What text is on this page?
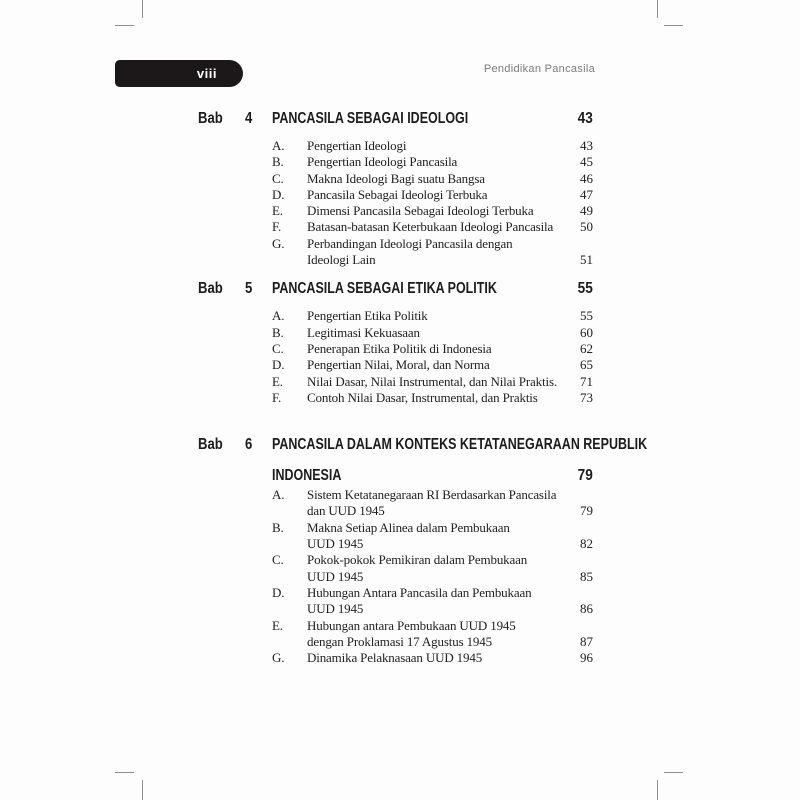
viii	Pendidikan Pancasila
Bab	4	PANCASILA SEBAGAI IDEOLOGI	43
A. Pengertian Ideologi	43
B. Pengertian Ideologi Pancasila	45
C. Makna Ideologi Bagi suatu Bangsa	46
D. Pancasila Sebagai Ideologi Terbuka	47
E. Dimensi Pancasila Sebagai Ideologi Terbuka	49
F. Batasan-batasan Keterbukaan Ideologi Pancasila	50
G. Perbandingan Ideologi Pancasila dengan
Ideologi Lain	51
Bab	5	PANCASILA SEBAGAI ETIKA POLITIK	55
A. Pengertian Etika Politik	55
B. Legitimasi Kekuasaan	60
C. Penerapan Etika Politik di Indonesia	62
D. Pengertian Nilai, Moral, dan Norma	65
E. Nilai Dasar, Nilai Instrumental, dan Nilai Praktis.	71
F. Contoh Nilai Dasar, Instrumental, dan Praktis	73
Bab	6	PANCASILA DALAM KONTEKS KETATANEGARAAN REPUBLIK
INDONESIA	79
A. Sistem Ketatanegaraan RI Berdasarkan Pancasila
dan UUD 1945	79
B. Makna Setiap Alinea dalam Pembukaan
UUD 1945	82
C. Pokok-pokok Pemikiran dalam Pembukaan
UUD 1945	85
D. Hubungan Antara Pancasila dan Pembukaan
UUD 1945	86
E. Hubungan antara Pembukaan UUD 1945
dengan Proklamasi 17 Agustus 1945	87
G. Dinamika Pelaknasaan UUD 1945	96
